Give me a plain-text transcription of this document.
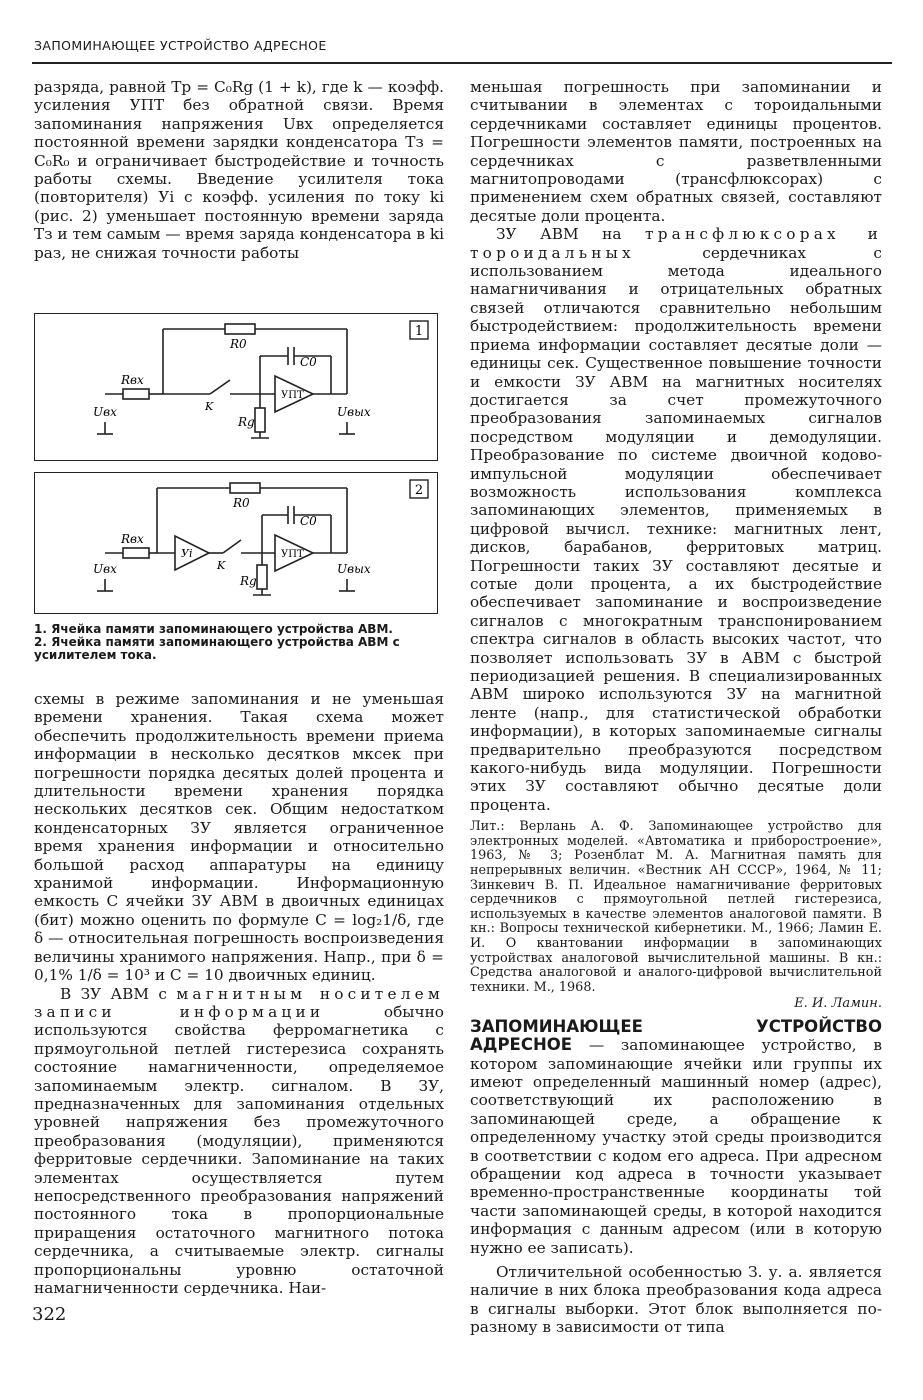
ЗАПОМИНАЮЩЕЕ УСТРОЙСТВО АДРЕСНОЕ

разряда, равной Tр = C₀Rg (1 + k), где k — коэфф. усиления УПТ без обратной связи. Время запоминания напряжения Uвх определяется постоянной времени зарядки конденсатора Tз = C₀R₀ и ограничивает быстродействие и точность работы схемы. Введение усилителя тока (повторителя) Уi с коэфф. усиления по току ki (рис. 2) уменьшает постоянную времени заряда Tз и тем самым — время заряда конденсатора в ki раз, не снижая точности работы

1
R0
C0
Rвх
Uвх	Uвых
Rg
K
УПТ
2
R0
C0
Rвх
Uвх	Uвых
Rg
K
Уi	УПТ
1. Ячейка памяти запоминающего устройства АВМ.
2. Ячейка памяти запоминающего устройства АВМ с усилителем тока.

схемы в режиме запоминания и не уменьшая времени хранения. Такая схема может обеспечить продолжительность времени приема информации в несколько десятков мксек при погрешности порядка десятых долей процента и длительности времени хранения порядка нескольких десятков сек. Общим недостатком конденсаторных ЗУ является ограниченное время хранения информации и относительно большой расход аппаратуры на единицу хранимой информации. Информационную емкость C ячейки ЗУ АВМ в двоичных единицах (бит) можно оценить по формуле C = log₂1/δ, где δ — относительная погрешность воспроизведения величины хранимого напряжения. Напр., при δ = 0,1% 1/δ = 10³ и C = 10 двоичных единиц.

В ЗУ АВМ с магнитным носителем записи информации	обычно используются свойства ферромагнетика с прямоугольной петлей гистерезиса сохранять состояние намагниченности, определяемое запоминаемым электр. сигналом. В ЗУ, предназначенных для запоминания отдельных уровней напряжения без промежуточного преобразования (модуляции), применяются ферритовые сердечники. Запоминание на таких элементах осуществляется путем непосредственного преобразования напряжений постоянного тока в пропорциональные приращения остаточного магнитного потока сердечника, а считываемые электр. сигналы пропорциональны уровню остаточной намагниченности сердечника. Наи-

меньшая погрешность при запоминании и считывании в элементах с тороидальными сердечниками составляет единицы процентов. Погрешности элементов памяти, построенных на сердечниках с разветвленными магнитопроводами (трансфлюксорах) с применением схем обратных связей, составляют десятые доли процента.

ЗУ АВМ на трансфлюксорах и тороидальных	сердечниках с использованием метода идеального намагничивания и отрицательных обратных связей отличаются сравнительно небольшим быстродействием: продолжительность времени приема информации составляет десятые доли — единицы сек. Существенное повышение точности и емкости ЗУ АВМ на магнитных носителях достигается за счет промежуточного преобразования запоминаемых сигналов посредством модуляции и демодуляции. Преобразование по системе двоичной кодово-импульсной модуляции обеспечивает возможность использования комплекса запоминающих элементов, применяемых в цифровой вычисл. технике: магнитных лент, дисков, барабанов, ферритовых матриц. Погрешности таких ЗУ составляют десятые и сотые доли процента, а их быстродействие обеспечивает запоминание и воспроизведение сигналов с многократным транспонированием спектра сигналов в область высоких частот, что позволяет использовать ЗУ в АВМ с быстрой периодизацией решения. В специализированных АВМ широко используются ЗУ на магнитной ленте (напр., для статистической обработки информации), в которых запоминаемые сигналы предварительно преобразуются посредством какого-нибудь вида модуляции. Погрешности этих ЗУ составляют обычно десятые доли процента.

Лит.: Верлань А. Ф. Запоминающее устройство для электронных моделей. «Автоматика и приборостроение», 1963, № 3; Розенблат М. А. Магнитная память для непрерывных величин. «Вестник АН СССР», 1964, № 11; Зинкевич В. П. Идеальное намагничивание ферритовых сердечников с прямоугольной петлей гистерезиса, используемых в качестве элементов аналоговой памяти. В кн.: Вопросы технической кибернетики. М., 1966; Ламин Е. И. О квантовании информации в запоминающих устройствах аналоговой вычислительной машины. В кн.: Средства аналоговой и аналого-цифровой вычислительной техники. М., 1968.

Е. И. Ламин.

ЗАПОМИНАЮЩЕЕ УСТРОЙСТВО АДРЕСНОЕ — запоминающее устройство, в котором запоминающие ячейки или группы их имеют определенный машинный номер (адрес), соответствующий их расположению в запоминающей среде, а обращение к определенному участку этой среды производится в соответствии с кодом его адреса. При адресном обращении код адреса в точности указывает временно-пространственные координаты той части запоминающей среды, в которой находится информация с данным адресом (или в которую нужно ее записать).

Отличительной особенностью З. у. а. является наличие в них блока преобразования кода адреса в сигналы выборки. Этот блок выполняется по-разному в зависимости от типа

322
